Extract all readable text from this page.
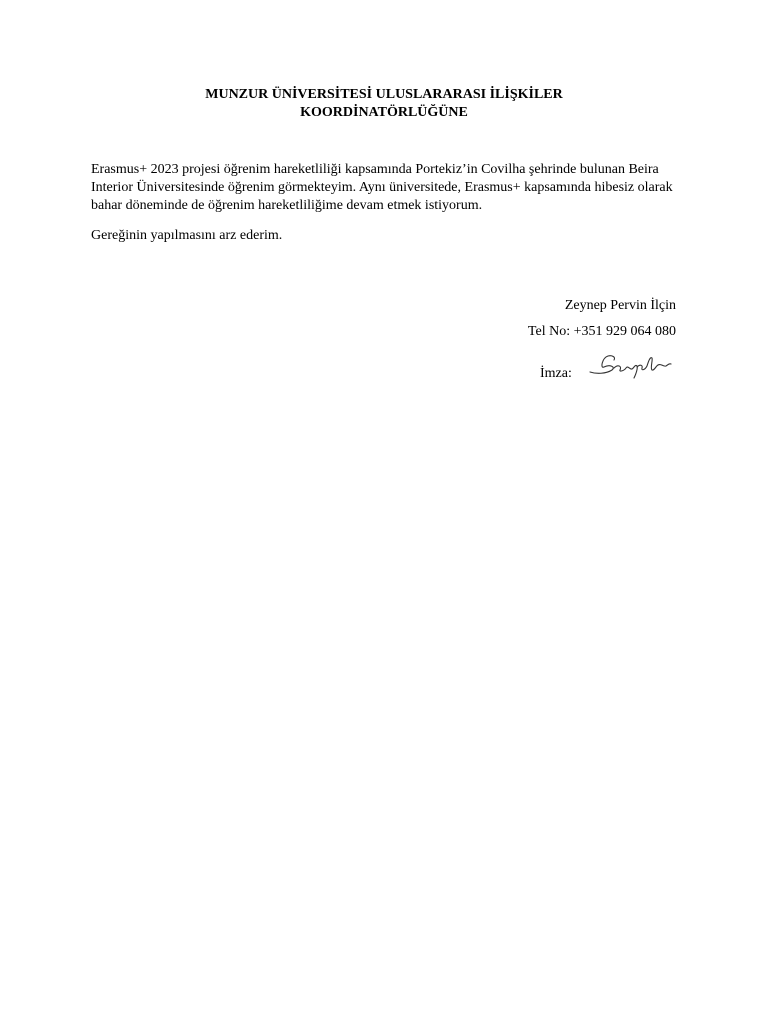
MUNZUR ÜNİVERSİTESİ ULUSLARARASI İLİŞKİLER
KOORDİNATÖRLÜĞÜNE

Erasmus+ 2023 projesi öğrenim hareketliliği kapsamında Portekiz’in Covilha şehrinde bulunan Beira Interior Üniversitesinde öğrenim görmekteyim. Aynı üniversitede, Erasmus+ kapsamında hibesiz olarak bahar döneminde de öğrenim hareketliliğime devam etmek istiyorum.

Gereğinin yapılmasını arz ederim.

Zeynep Pervin İlçin
Tel No: +351 929 064 080
İmza:
